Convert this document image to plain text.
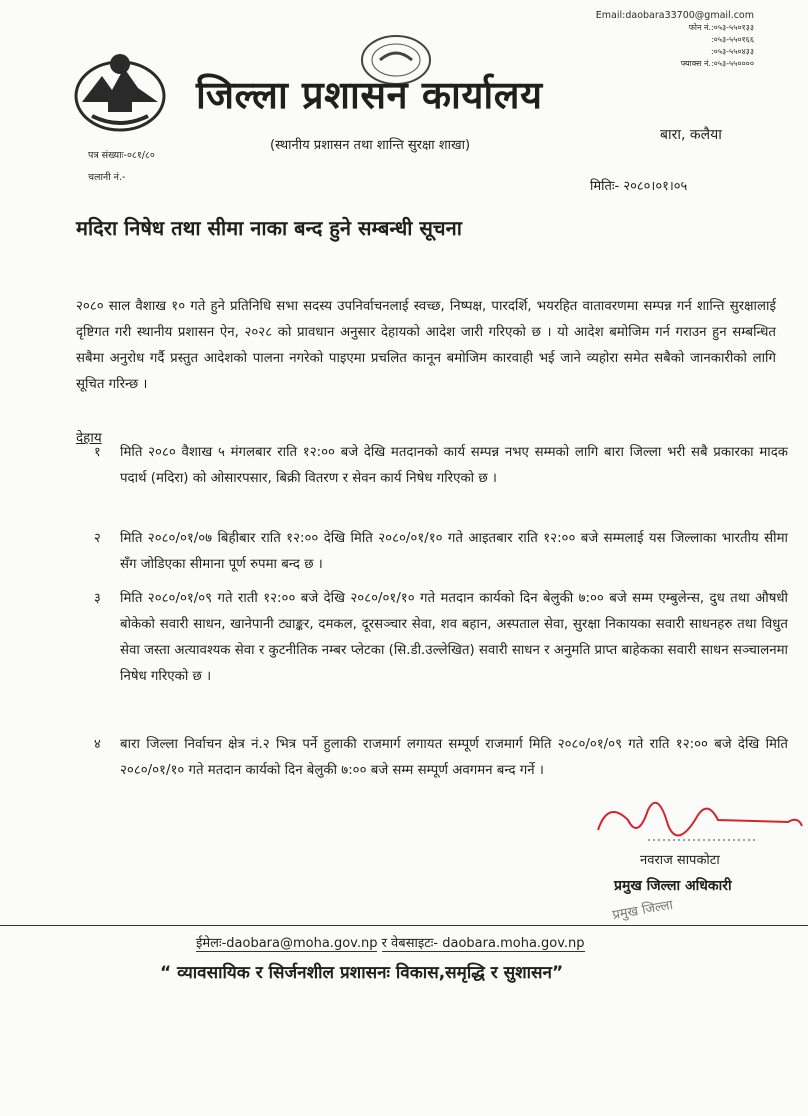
Email:daobara33700@gmail.com
फोन नं.:०५३-५५०१३३
:०५३-५५०१६६
:०५३-५५०४३३
फ्याक्स नं.:०५३-५५००००
जिल्ला प्रशासन कार्यालय
(स्थानीय प्रशासन तथा शान्ति सुरक्षा शाखा)
बारा, कलैया
पत्र संख्याः-०८१/८०
चलानी नं.-
मितिः- २०८०।०१।०५
मदिरा निषेध तथा सीमा नाका बन्द हुने सम्बन्धी सूचना
२०८० साल वैशाख १० गते हुने प्रतिनिधि सभा सदस्य उपनिर्वाचनलाई स्वच्छ, निष्पक्ष, पारदर्शि, भयरहित वातावरणमा सम्पन्न गर्न शान्ति सुरक्षालाई दृष्टिगत गरी स्थानीय प्रशासन ऐन, २०२८ को प्रावधान अनुसार देहायको आदेश जारी गरिएको छ । यो आदेश बमोजिम गर्न गराउन हुन सम्बन्धित सबैमा अनुरोध गर्दै प्रस्तुत आदेशको पालना नगरेको पाइएमा प्रचलित कानून बमोजिम कारवाही भई जाने व्यहोरा समेत सबैको जानकारीको लागि सूचित गरिन्छ ।
देहाय
१ मिति २०८० वैशाख ५ मंगलबार राति १२:०० बजे देखि मतदानको कार्य सम्पन्न नभए सम्मको लागि बारा जिल्ला भरी सबै प्रकारका मादक पदार्थ (मदिरा) को ओसारपसार, बिक्री वितरण र सेवन कार्य निषेध गरिएको छ ।
२ मिति २०८०/०१/०७ बिहीबार राति १२:०० देखि मिति २०८०/०१/१० गते आइतबार राति १२:०० बजे सम्मलाई यस जिल्लाका भारतीय सीमा सँग जोडिएका सीमाना पूर्ण रुपमा बन्द छ ।
३ मिति २०८०/०१/०९ गते राती १२:०० बजे देखि २०८०/०१/१० गते मतदान कार्यको दिन बेलुकी ७:०० बजे सम्म एम्बुलेन्स, दुध तथा औषधी बोकेको सवारी साधन, खानेपानी ट्याङ्कर, दमकल, दूरसञ्चार सेवा, शव बहान, अस्पताल सेवा, सुरक्षा निकायका सवारी साधनहरु तथा विधुत सेवा जस्ता अत्यावश्यक सेवा र कुटनीतिक नम्बर प्लेटका (सि.डी.उल्लेखित) सवारी साधन र अनुमति प्राप्त बाहेकका सवारी साधन सञ्चालनमा निषेध गरिएको छ ।
४ बारा जिल्ला निर्वाचन क्षेत्र नं.२ भित्र पर्ने हुलाकी राजमार्ग लगायत सम्पूर्ण राजमार्ग मिति २०८०/०१/०९ गते राति १२:०० बजे देखि मिति २०८०/०१/१० गते मतदान कार्यको दिन बेलुकी ७:०० बजे सम्म सम्पूर्ण अवगमन बन्द गर्ने ।
नवराज सापकोटा
प्रमुख जिल्ला अधिकारी
प्रमुख जिल्ला
ईमेलः-daobara@moha.gov.np र वेबसाइटः- daobara.moha.gov.np
“ व्यावसायिक र सिर्जनशील प्रशासनः विकास,समृद्धि र सुशासन”
